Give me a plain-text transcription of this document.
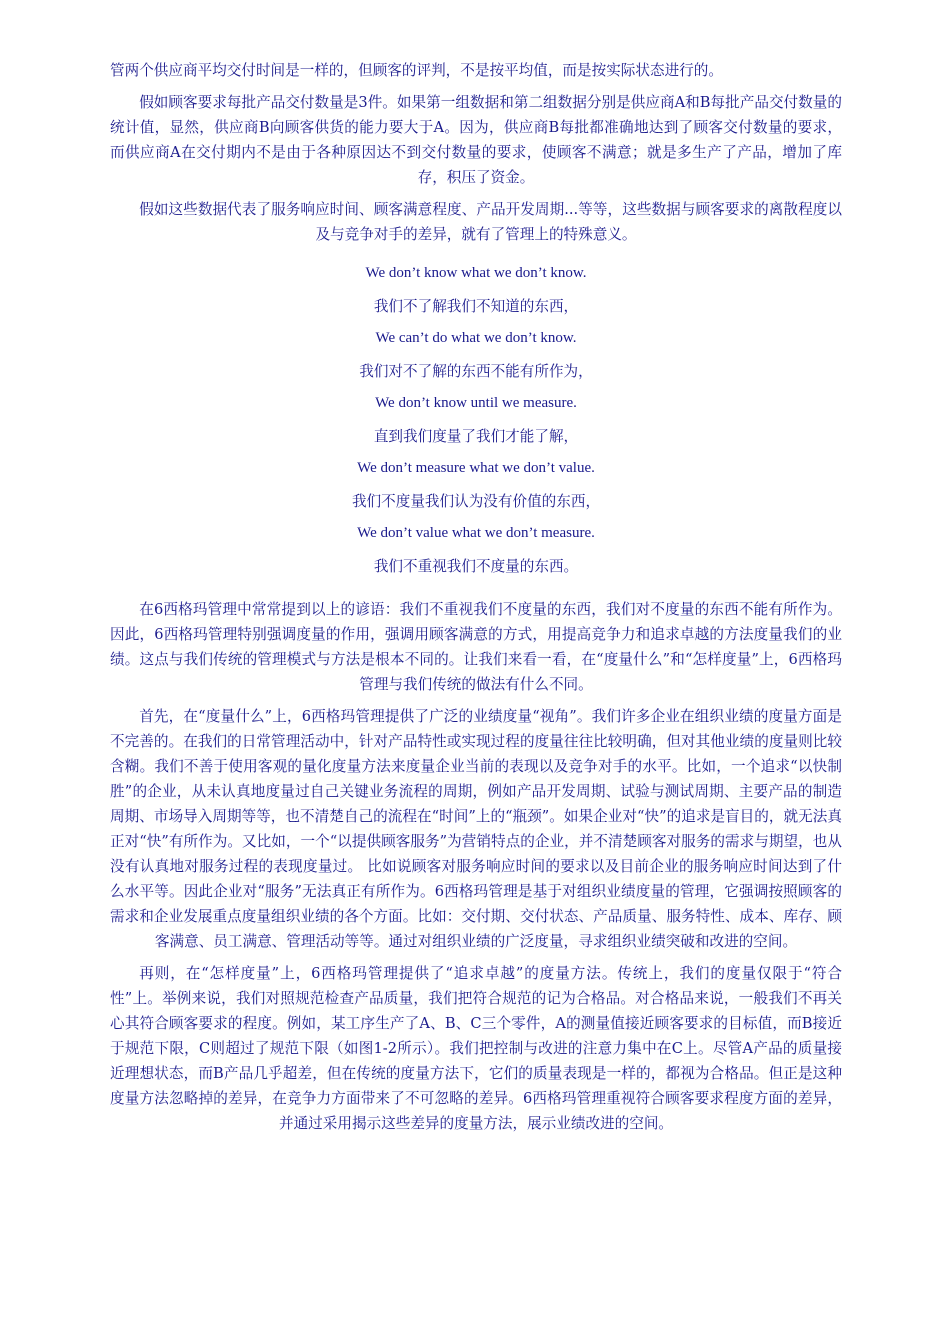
管两个供应商平均交付时间是一样的，但顾客的评判，不是按平均值，而是按实际状态进行的。

假如顾客要求每批产品交付数量是3件。如果第一组数据和第二组数据分别是供应商A和B每批产品交付数量的统计值，显然，供应商B向顾客供货的能力要大于A。因为，供应商B每批都准确地达到了顾客交付数量的要求，而供应商A在交付期内不是由于各种原因达不到交付数量的要求，使顾客不满意；就是多生产了产品，增加了库存，积压了资金。

假如这些数据代表了服务响应时间、顾客满意程度、产品开发周期...等等，这些数据与顾客要求的离散程度以及与竞争对手的差异，就有了管理上的特殊意义。

We don’t know what we don’t know.

我们不了解我们不知道的东西，

We can’t do what we don’t know.

我们对不了解的东西不能有所作为，

We don’t know until we measure.

直到我们度量了我们才能了解，

We don’t measure what we don’t value.

我们不度量我们认为没有价值的东西，

We don’t value what we don’t measure.

我们不重视我们不度量的东西。

在6西格玛管理中常常提到以上的谚语：我们不重视我们不度量的东西，我们对不度量的东西不能有所作为。因此，6西格玛管理特别强调度量的作用，强调用顾客满意的方式，用提高竞争力和追求卓越的方法度量我们的业绩。这点与我们传统的管理模式与方法是根本不同的。让我们来看一看，在“度量什么”和“怎样度量”上，6西格玛管理与我们传统的做法有什么不同。

首先，在“度量什么”上，6西格玛管理提供了广泛的业绩度量“视角”。我们许多企业在组织业绩的度量方面是不完善的。在我们的日常管理活动中，针对产品特性或实现过程的度量往往比较明确，但对其他业绩的度量则比较含糊。我们不善于使用客观的量化度量方法来度量企业当前的表现以及竞争对手的水平。比如，一个追求“以快制胜”的企业，从未认真地度量过自己关键业务流程的周期，例如产品开发周期、试验与测试周期、主要产品的制造周期、市场导入周期等等，也不清楚自己的流程在“时间”上的“瓶颈”。如果企业对“快”的追求是盲目的，就无法真正对“快”有所作为。又比如，一个“以提供顾客服务”为营销特点的企业，并不清楚顾客对服务的需求与期望，也从没有认真地对服务过程的表现度量过。 比如说顾客对服务响应时间的要求以及目前企业的服务响应时间达到了什么水平等。因此企业对“服务”无法真正有所作为。6西格玛管理是基于对组织业绩度量的管理，它强调按照顾客的需求和企业发展重点度量组织业绩的各个方面。比如：交付期、交付状态、产品质量、服务特性、成本、库存、顾客满意、员工满意、管理活动等等。通过对组织业绩的广泛度量，寻求组织业绩突破和改进的空间。

再则，在“怎样度量”上，6西格玛管理提供了“追求卓越”的度量方法。传统上，我们的度量仅限于“符合性”上。举例来说，我们对照规范检查产品质量，我们把符合规范的记为合格品。对合格品来说，一般我们不再关心其符合顾客要求的程度。例如，某工序生产了A、B、C三个零件，A的测量值接近顾客要求的目标值，而B接近于规范下限，C则超过了规范下限（如图1-2所示）。我们把控制与改进的注意力集中在C上。尽管A产品的质量接近理想状态，而B产品几乎超差，但在传统的度量方法下，它们的质量表现是一样的，都视为合格品。但正是这种度量方法忽略掉的差异，在竞争力方面带来了不可忽略的差异。6西格玛管理重视符合顾客要求程度方面的差异，并通过采用揭示这些差异的度量方法，展示业绩改进的空间。
